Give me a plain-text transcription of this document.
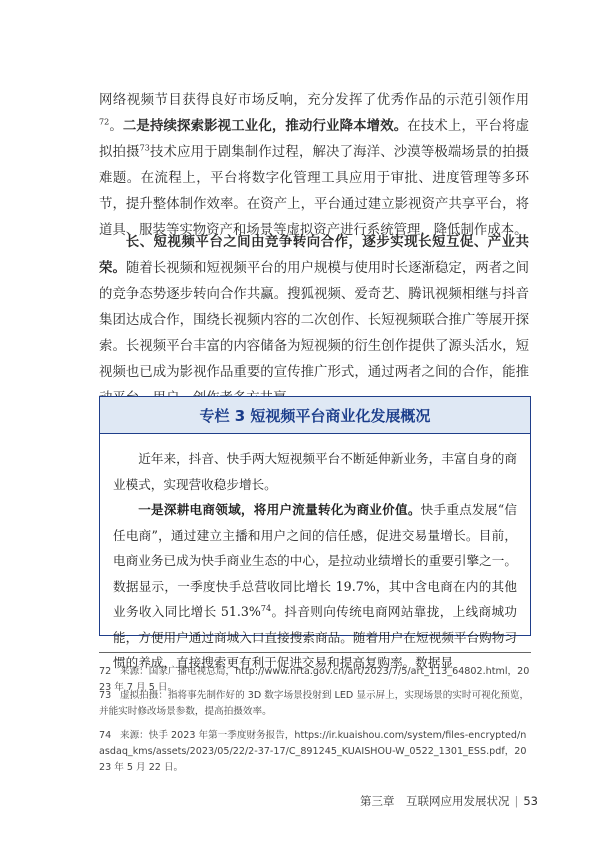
网络视频节目获得良好市场反响，充分发挥了优秀作品的示范引领作用$^{72}$。二是持续探索影视工业化，推动行业降本增效。在技术上，平台将虚拟拍摄$^{73}$技术应用于剧集制作过程，解决了海洋、沙漠等极端场景的拍摄难题。在流程上，平台将数字化管理工具应用于审批、进度管理等多环节，提升整体制作效率。在资产上，平台通过建立影视资产共享平台，将道具、服装等实物资产和场景等虚拟资产进行系统管理，降低制作成本。

长、短视频平台之间由竞争转向合作，逐步实现长短互促、产业共荣。随着长视频和短视频平台的用户规模与使用时长逐渐稳定，两者之间的竞争态势逐步转向合作共赢。搜狐视频、爱奇艺、腾讯视频相继与抖音集团达成合作，围绕长视频内容的二次创作、长短视频联合推广等展开探索。长视频平台丰富的内容储备为短视频的衍生创作提供了源头活水，短视频也已成为影视作品重要的宣传推广形式，通过两者之间的合作，能推

专栏 3 短视频平台商业化发展概况

近年来，抖音、快手两大短视频平台不断延伸新业务，丰富自身的商业模式，实现营收稳步增长。

一是深耕电商领域，将用户流量转化为商业价值。快手重点发展“信任电商”，通过建立主播和用户之间的信任感，促进交易量增长。目前，电商业务已成为快手商业生态的中心，是拉动业绩增长的重要引擎之一。数据显示，一季度快手总营收同比增长 19.7%，其中含电商在内的其他业务收入同比增长 51.3%$^{74}$。抖音则向传统电商网站靠拢，上线商城功能，方便用户通过商城入口直接搜索商品。随着用户在短视频平台购物习惯的养成，直接搜索更有利于促进交易和提高复购率。数据显

72 来源：国家广播电视总局，http://www.nrta.gov.cn/art/2023/7/5/art_113_64802.html，2023 年 7 月 5 日。

73 虚拟拍摄：指将事先制作好的 3D 数字场景投射到 LED 显示屏上，实现场景的实时可视化预览，并能实时修改场景参数，提高拍摄效率。

74 来源：快手 2023 年第一季度财务报告，https://ir.kuaishou.com/system/files-encrypted/nasdaq_kms/assets/2023/05/22/2-37-17/C_891245_KUAISHOU-W_0522_1301_ESS.pdf，2023 年 5 月 22 日。

第三章　互联网应用发展状况 | 53
